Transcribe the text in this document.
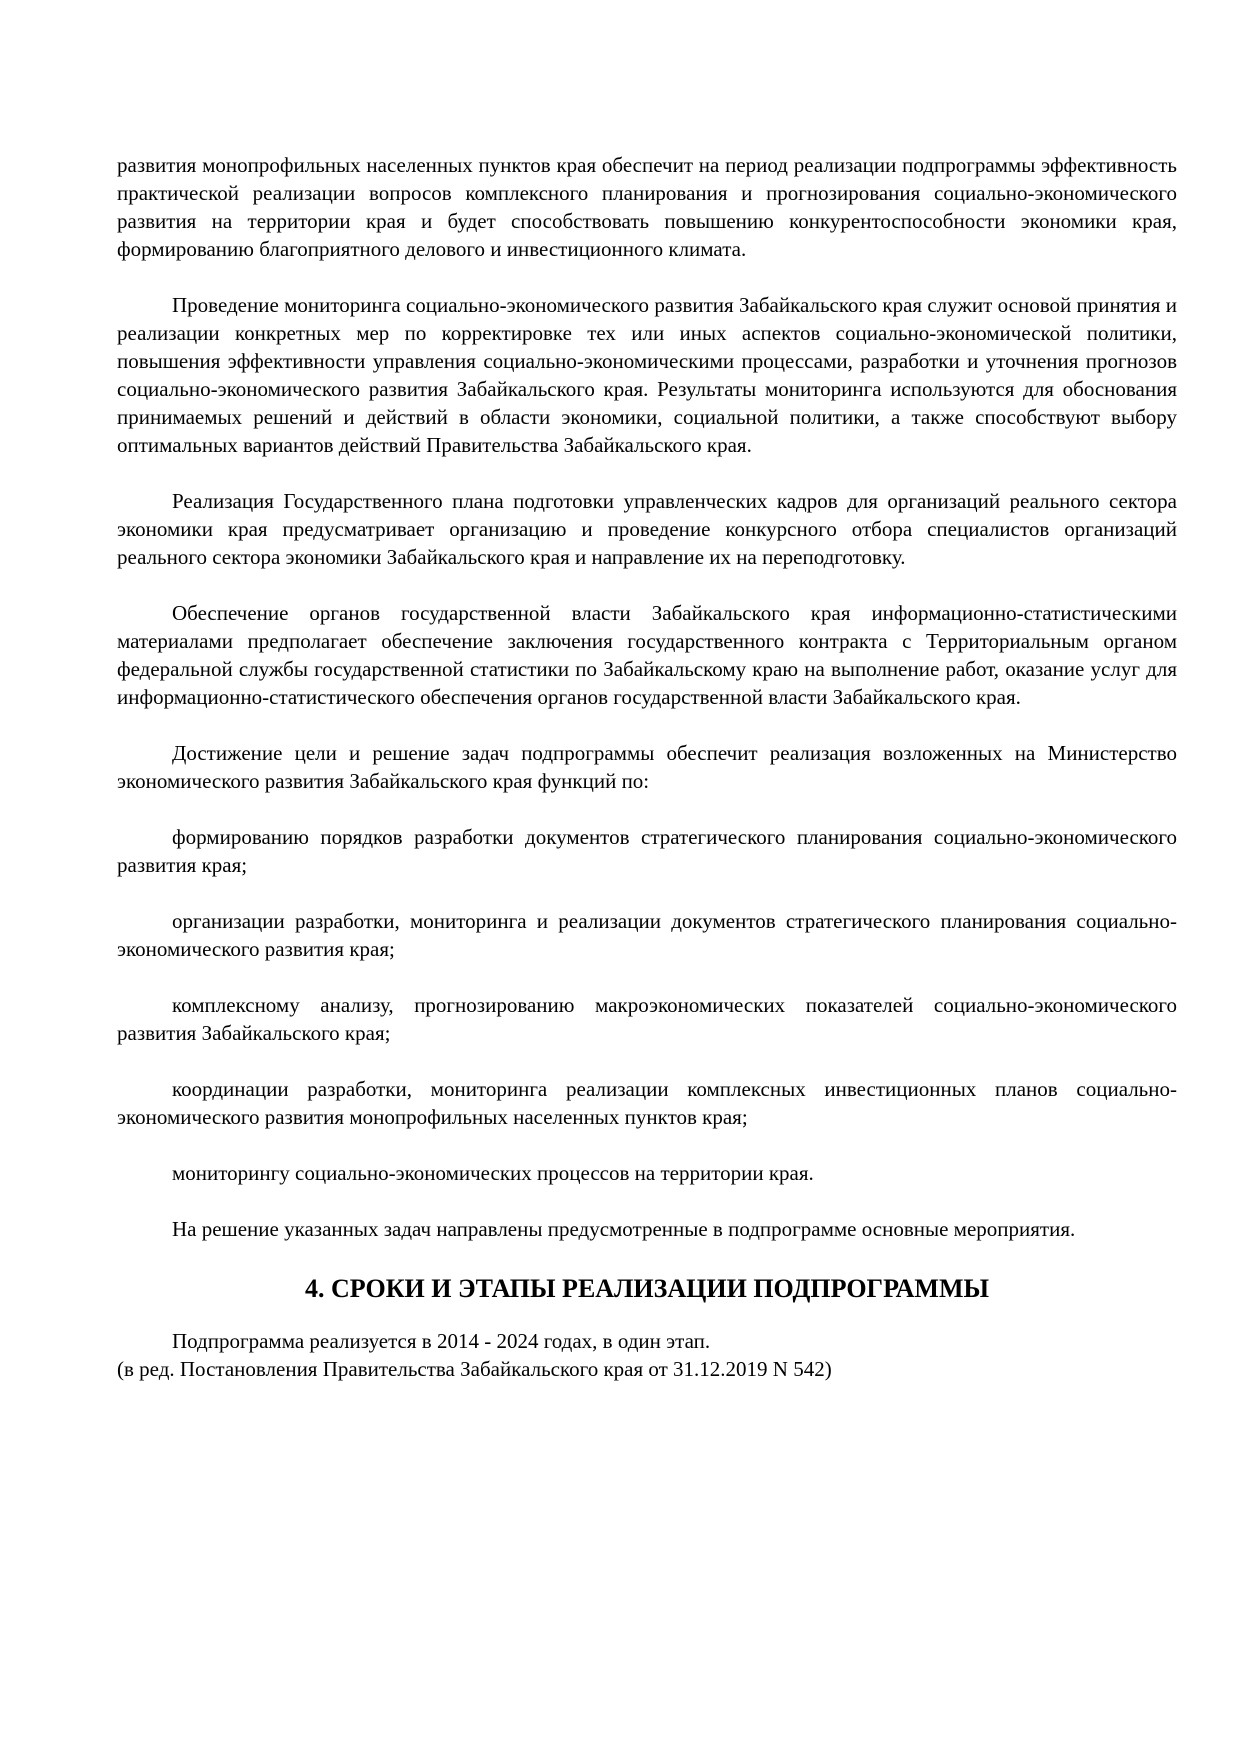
развития монопрофильных населенных пунктов края обеспечит на период реализации подпрограммы эффективность практической реализации вопросов комплексного планирования и прогнозирования социально-экономического развития на территории края и будет способствовать повышению конкурентоспособности экономики края, формированию благоприятного делового и инвестиционного климата.

Проведение мониторинга социально-экономического развития Забайкальского края служит основой принятия и реализации конкретных мер по корректировке тех или иных аспектов социально-экономической политики, повышения эффективности управления социально-экономическими процессами, разработки и уточнения прогнозов социально-экономического развития Забайкальского края. Результаты мониторинга используются для обоснования принимаемых решений и действий в области экономики, социальной политики, а также способствуют выбору оптимальных вариантов действий Правительства Забайкальского края.

Реализация Государственного плана подготовки управленческих кадров для организаций реального сектора экономики края предусматривает организацию и проведение конкурсного отбора специалистов организаций реального сектора экономики Забайкальского края и направление их на переподготовку.

Обеспечение органов государственной власти Забайкальского края информационно-статистическими материалами предполагает обеспечение заключения государственного контракта с Территориальным органом федеральной службы государственной статистики по Забайкальскому краю на выполнение работ, оказание услуг для информационно-статистического обеспечения органов государственной власти Забайкальского края.

Достижение цели и решение задач подпрограммы обеспечит реализация возложенных на Министерство экономического развития Забайкальского края функций по:

формированию порядков разработки документов стратегического планирования социально-экономического развития края;

организации разработки, мониторинга и реализации документов стратегического планирования социально-экономического развития края;

комплексному анализу, прогнозированию макроэкономических показателей социально-экономического развития Забайкальского края;

координации разработки, мониторинга реализации комплексных инвестиционных планов социально-экономического развития монопрофильных населенных пунктов края;

мониторингу социально-экономических процессов на территории края.

На решение указанных задач направлены предусмотренные в подпрограмме основные мероприятия.

4. СРОКИ И ЭТАПЫ РЕАЛИЗАЦИИ ПОДПРОГРАММЫ

Подпрограмма реализуется в 2014 - 2024 годах, в один этап.

(в ред. Постановления Правительства Забайкальского края от 31.12.2019 N 542)
